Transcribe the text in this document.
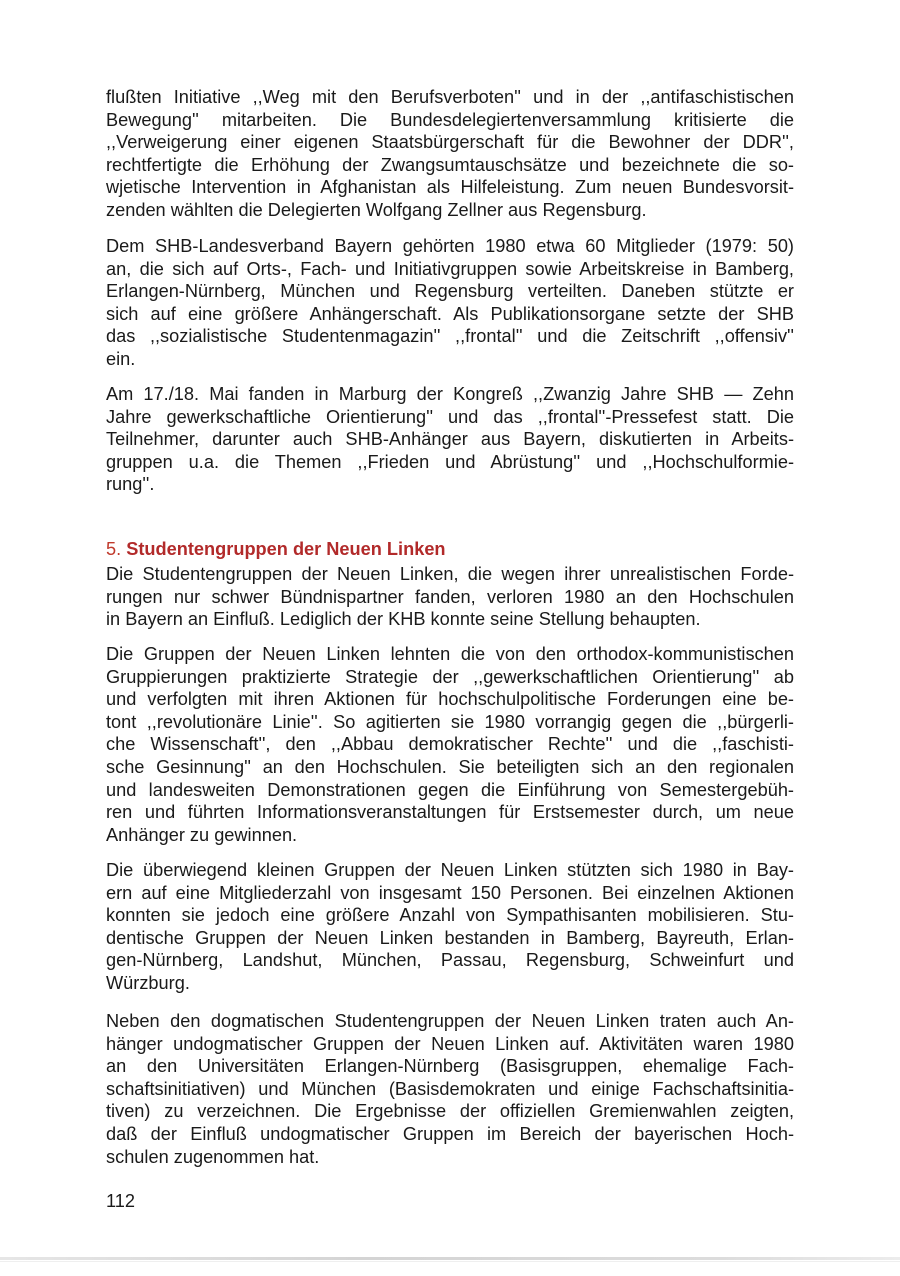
flußten Initiative ,,Weg mit den Berufsverboten'' und in der ,,antifaschistischen
Bewegung'' mitarbeiten. Die Bundesdelegiertenversammlung kritisierte die
,,Verweigerung einer eigenen Staatsbürgerschaft für die Bewohner der DDR'',
rechtfertigte die Erhöhung der Zwangsumtauschsätze und bezeichnete die so-
wjetische Intervention in Afghanistan als Hilfeleistung. Zum neuen Bundesvorsit-
zenden wählten die Delegierten Wolfgang Zellner aus Regensburg.
Dem SHB-Landesverband Bayern gehörten 1980 etwa 60 Mitglieder (1979: 50)
an, die sich auf Orts-, Fach- und Initiativgruppen sowie Arbeitskreise in Bamberg,
Erlangen-Nürnberg, München und Regensburg verteilten. Daneben stützte er
sich auf eine größere Anhängerschaft. Als Publikationsorgane setzte der SHB
das ,,sozialistische Studentenmagazin'' ,,frontal'' und die Zeitschrift ,,offensiv''
ein.
Am 17./18. Mai fanden in Marburg der Kongreß ,,Zwanzig Jahre SHB — Zehn
Jahre gewerkschaftliche Orientierung'' und das ,,frontal''-Pressefest statt. Die
Teilnehmer, darunter auch SHB-Anhänger aus Bayern, diskutierten in Arbeits-
gruppen u.a. die Themen ,,Frieden und Abrüstung'' und ,,Hochschulformie-
rung''.
5. Studentengruppen der Neuen Linken
Die Studentengruppen der Neuen Linken, die wegen ihrer unrealistischen Forde-
rungen nur schwer Bündnispartner fanden, verloren 1980 an den Hochschulen
in Bayern an Einfluß. Lediglich der KHB konnte seine Stellung behaupten.
Die Gruppen der Neuen Linken lehnten die von den orthodox-kommunistischen
Gruppierungen praktizierte Strategie der ,,gewerkschaftlichen Orientierung'' ab
und verfolgten mit ihren Aktionen für hochschulpolitische Forderungen eine be-
tont ,,revolutionäre Linie''. So agitierten sie 1980 vorrangig gegen die ,,bürgerli-
che Wissenschaft'', den ,,Abbau demokratischer Rechte'' und die ,,faschisti-
sche Gesinnung'' an den Hochschulen. Sie beteiligten sich an den regionalen
und landesweiten Demonstrationen gegen die Einführung von Semestergebüh-
ren und führten Informationsveranstaltungen für Erstsemester durch, um neue
Anhänger zu gewinnen.
Die überwiegend kleinen Gruppen der Neuen Linken stützten sich 1980 in Bay-
ern auf eine Mitgliederzahl von insgesamt 150 Personen. Bei einzelnen Aktionen
konnten sie jedoch eine größere Anzahl von Sympathisanten mobilisieren. Stu-
dentische Gruppen der Neuen Linken bestanden in Bamberg, Bayreuth, Erlan-
gen-Nürnberg, Landshut, München, Passau, Regensburg, Schweinfurt und
Würzburg.
Neben den dogmatischen Studentengruppen der Neuen Linken traten auch An-
hänger undogmatischer Gruppen der Neuen Linken auf. Aktivitäten waren 1980
an den Universitäten Erlangen-Nürnberg (Basisgruppen, ehemalige Fach-
schaftsinitiativen) und München (Basisdemokraten und einige Fachschaftsinitia-
tiven) zu verzeichnen. Die Ergebnisse der offiziellen Gremienwahlen zeigten,
daß der Einfluß undogmatischer Gruppen im Bereich der bayerischen Hoch-
schulen zugenommen hat.
112
